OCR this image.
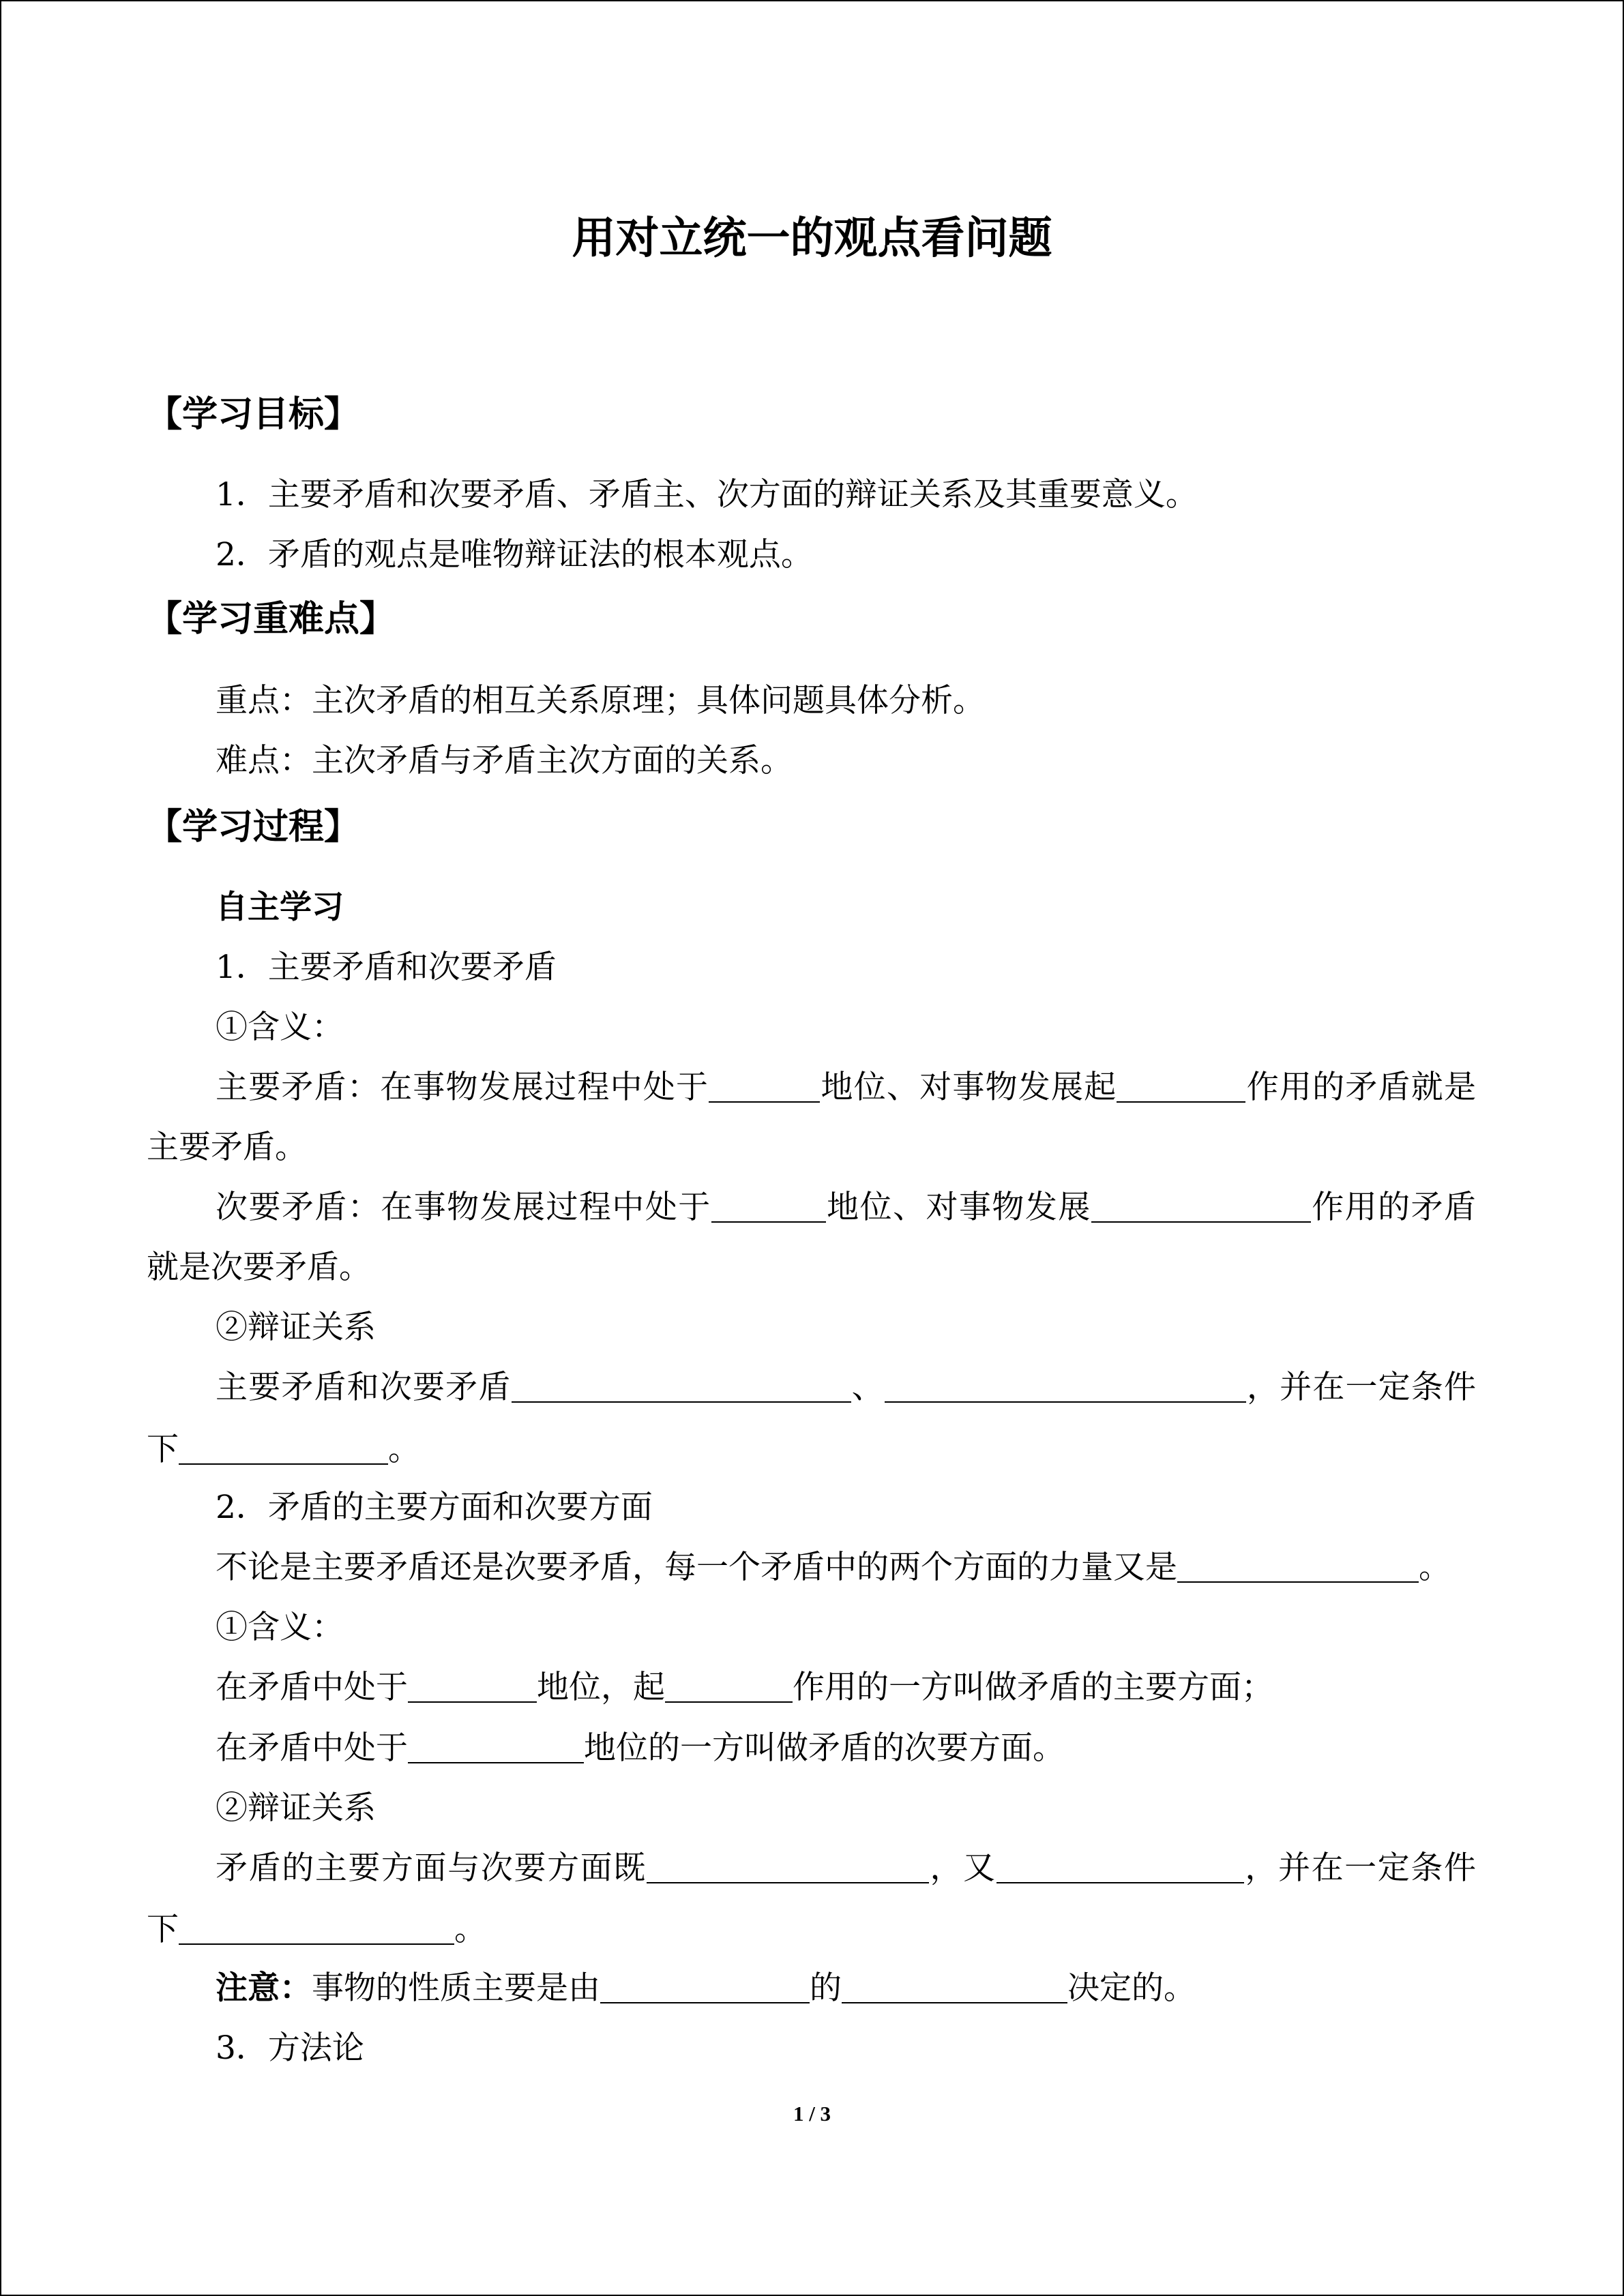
用对立统一的观点看问题
【学习目标】
1．主要矛盾和次要矛盾、矛盾主、次方面的辩证关系及其重要意义。
2．矛盾的观点是唯物辩证法的根本观点。
【学习重难点】
重点：主次矛盾的相互关系原理；具体问题具体分析。
难点：主次矛盾与矛盾主次方面的关系。
【学习过程】
自主学习
1．主要矛盾和次要矛盾
①含义：
主要矛盾：在事物发展过程中处于	地位、对事物发展起	作用的矛盾就是
主要矛盾。
次要矛盾：在事物发展过程中处于	地位、对事物发展	作用的矛盾
就是次要矛盾。
②辩证关系
主要矛盾和次要矛盾	、	，并在一定条件
下	。
2．矛盾的主要方面和次要方面
不论是主要矛盾还是次要矛盾，每一个矛盾中的两个方面的力量又是	。
①含义：
在矛盾中处于	地位，起	作用的一方叫做矛盾的主要方面；
在矛盾中处于	地位的一方叫做矛盾的次要方面。
②辩证关系
矛盾的主要方面与次要方面既	，又	，并在一定条件
下	。
注意：事物的性质主要是由	的	决定的。
3．方法论
1 / 3
